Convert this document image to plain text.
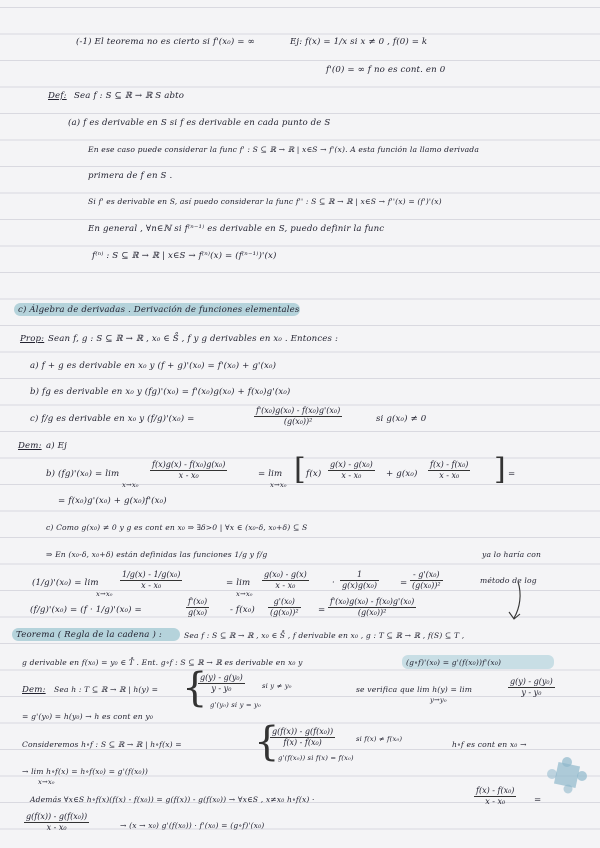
(-1) El teorema no es cierto si f'(x₀) = ∞	Ej: f(x) = 1/x si x ≠ 0 , f(0) = k
f'(0) = ∞ f no es cont. en 0
Def: Sea f : S ⊆ ℝ → ℝ S abto
(a) f es derivable en S si f es derivable en cada punto de S
En ese caso puede considerar la func f' : S ⊆ ℝ → ℝ | x∈S → f'(x). A esta función la llamo derivada
primera de f en S .
Si f' es derivable en S, así puedo considerar la func f'' : S ⊆ ℝ → ℝ | x∈S → f''(x) = (f')'(x)
En general , ∀n∈ℕ si f⁽ⁿ⁻¹⁾ es derivable en S, puedo definir la func
f⁽ⁿ⁾ : S ⊆ ℝ → ℝ | x∈S → f⁽ⁿ⁾(x) = (f⁽ⁿ⁻¹⁾)'(x)
c) Álgebra de derivadas . Derivación de funciones elementales
Prop: Sean f, g : S ⊆ ℝ → ℝ , x₀ ∈ S̊ , f y g derivables en x₀ . Entonces :
a) f + g es derivable en x₀ y (f + g)'(x₀) = f'(x₀) + g'(x₀)
b) fg es derivable en x₀ y (fg)'(x₀) = f'(x₀)g(x₀) + f(x₀)g'(x₀)
c) f/g es derivable en x₀ y (f/g)'(x₀) =	$\frac{\text{f'(x₀)g(x₀) - f(x₀)g'(x₀)}}{\text{(g(x₀))²}}$	si g(x₀) ≠ 0
Dem: a) Ej
b) (fg)'(x₀) = lim
x→x₀
$\frac{\text{f(x)g(x) - f(x₀)g(x₀)}}{\text{x - x₀}}$	= lim
x→x₀ [ $f(x) \frac{\text{g(x) - g(x₀)}}{\text{x - x₀}} + g(x_0) \frac{\text{f(x) - f(x₀)}}{\text{x - x₀}}$ ] =
= f(x₀)g'(x₀) + g(x₀)f'(x₀)
c) Como g(x₀) ≠ 0 y g es cont en x₀ ⇒ ∃δ>0 | ∀x ∈ (x₀-δ, x₀+δ) ⊆ S
⇒ En (x₀-δ, x₀+δ) están definidas las funciones 1/g y f/g	ya lo haría con
método de log
(1/g)'(x₀) = lim
x→x₀
$\frac{\text{1/g(x) - 1/g(x₀)}}{\text{x - x₀}}$	= lim
x→x₀
$\frac{\text{g(x₀) - g(x)}}{\text{x - x₀}}$	· $\frac{1}{\text{g(x)g(x₀)}} = \frac{\text{- g'(x₀)}}{\text{(g(x₀))²}}$
(f/g)'(x₀) = (f · 1/g)'(x₀) =	$\frac{\text{f'(x₀)}}{\text{g(x₀)}} - f(x_0) \frac{\text{g'(x₀)}}{\text{(g(x₀))²}} = \frac{\text{f'(x₀)g(x₀) - f(x₀)g'(x₀)}}{\text{(g(x₀))²}}$
Teorema ( Regla de la cadena ) :	Sea f : S ⊆ ℝ → ℝ , x₀ ∈ S̊ , f derivable en x₀ , g : T ⊆ ℝ → ℝ , f(S) ⊆ T ,
g derivable en f(x₀) = y₀ ∈ T̊ . Ent. g∘f : S ⊆ ℝ → ℝ es derivable en x₀ y	(g∘f)'(x₀) = g'(f(x₀))f'(x₀)
Dem: Sea h : T ⊆ ℝ → ℝ | h(y) = {
$\frac{\text{g(y) - g(y₀)}}{\text{y - y₀}}$	si y ≠ y₀
g'(y₀) si y = y₀
se verifica que lim h(y) = lim
y→y₀
$\frac{\text{g(y) - g(y₀)}}{\text{y - y₀}}$
= g'(y₀) = h(y₀) → h es cont en y₀
Consideremos h∘f : S ⊆ ℝ → ℝ | h∘f(x) = {
$\frac{\text{g(f(x)) - g(f(x₀))}}{\text{f(x) - f(x₀)}}$	si f(x) ≠ f(x₀)
g'(f(x₀)) si f(x) = f(x₀)
h∘f es cont en x₀ →
→ lim h∘f(x) = h∘f(x₀) = g'(f(x₀))
x→x₀
Además ∀x∈S h∘f(x)(f(x) - f(x₀)) = g(f(x)) - g(f(x₀)) → ∀x∈S , x≠x₀ h∘f(x) ·	$\frac{\text{f(x) - f(x₀)}}{\text{x - x₀}}$ =
$\frac{\text{g(f(x)) - g(f(x₀))}}{\text{x - x₀}}$	→ (x → x₀) g'(f(x₀)) · f'(x₀) = (g∘f)'(x₀)
